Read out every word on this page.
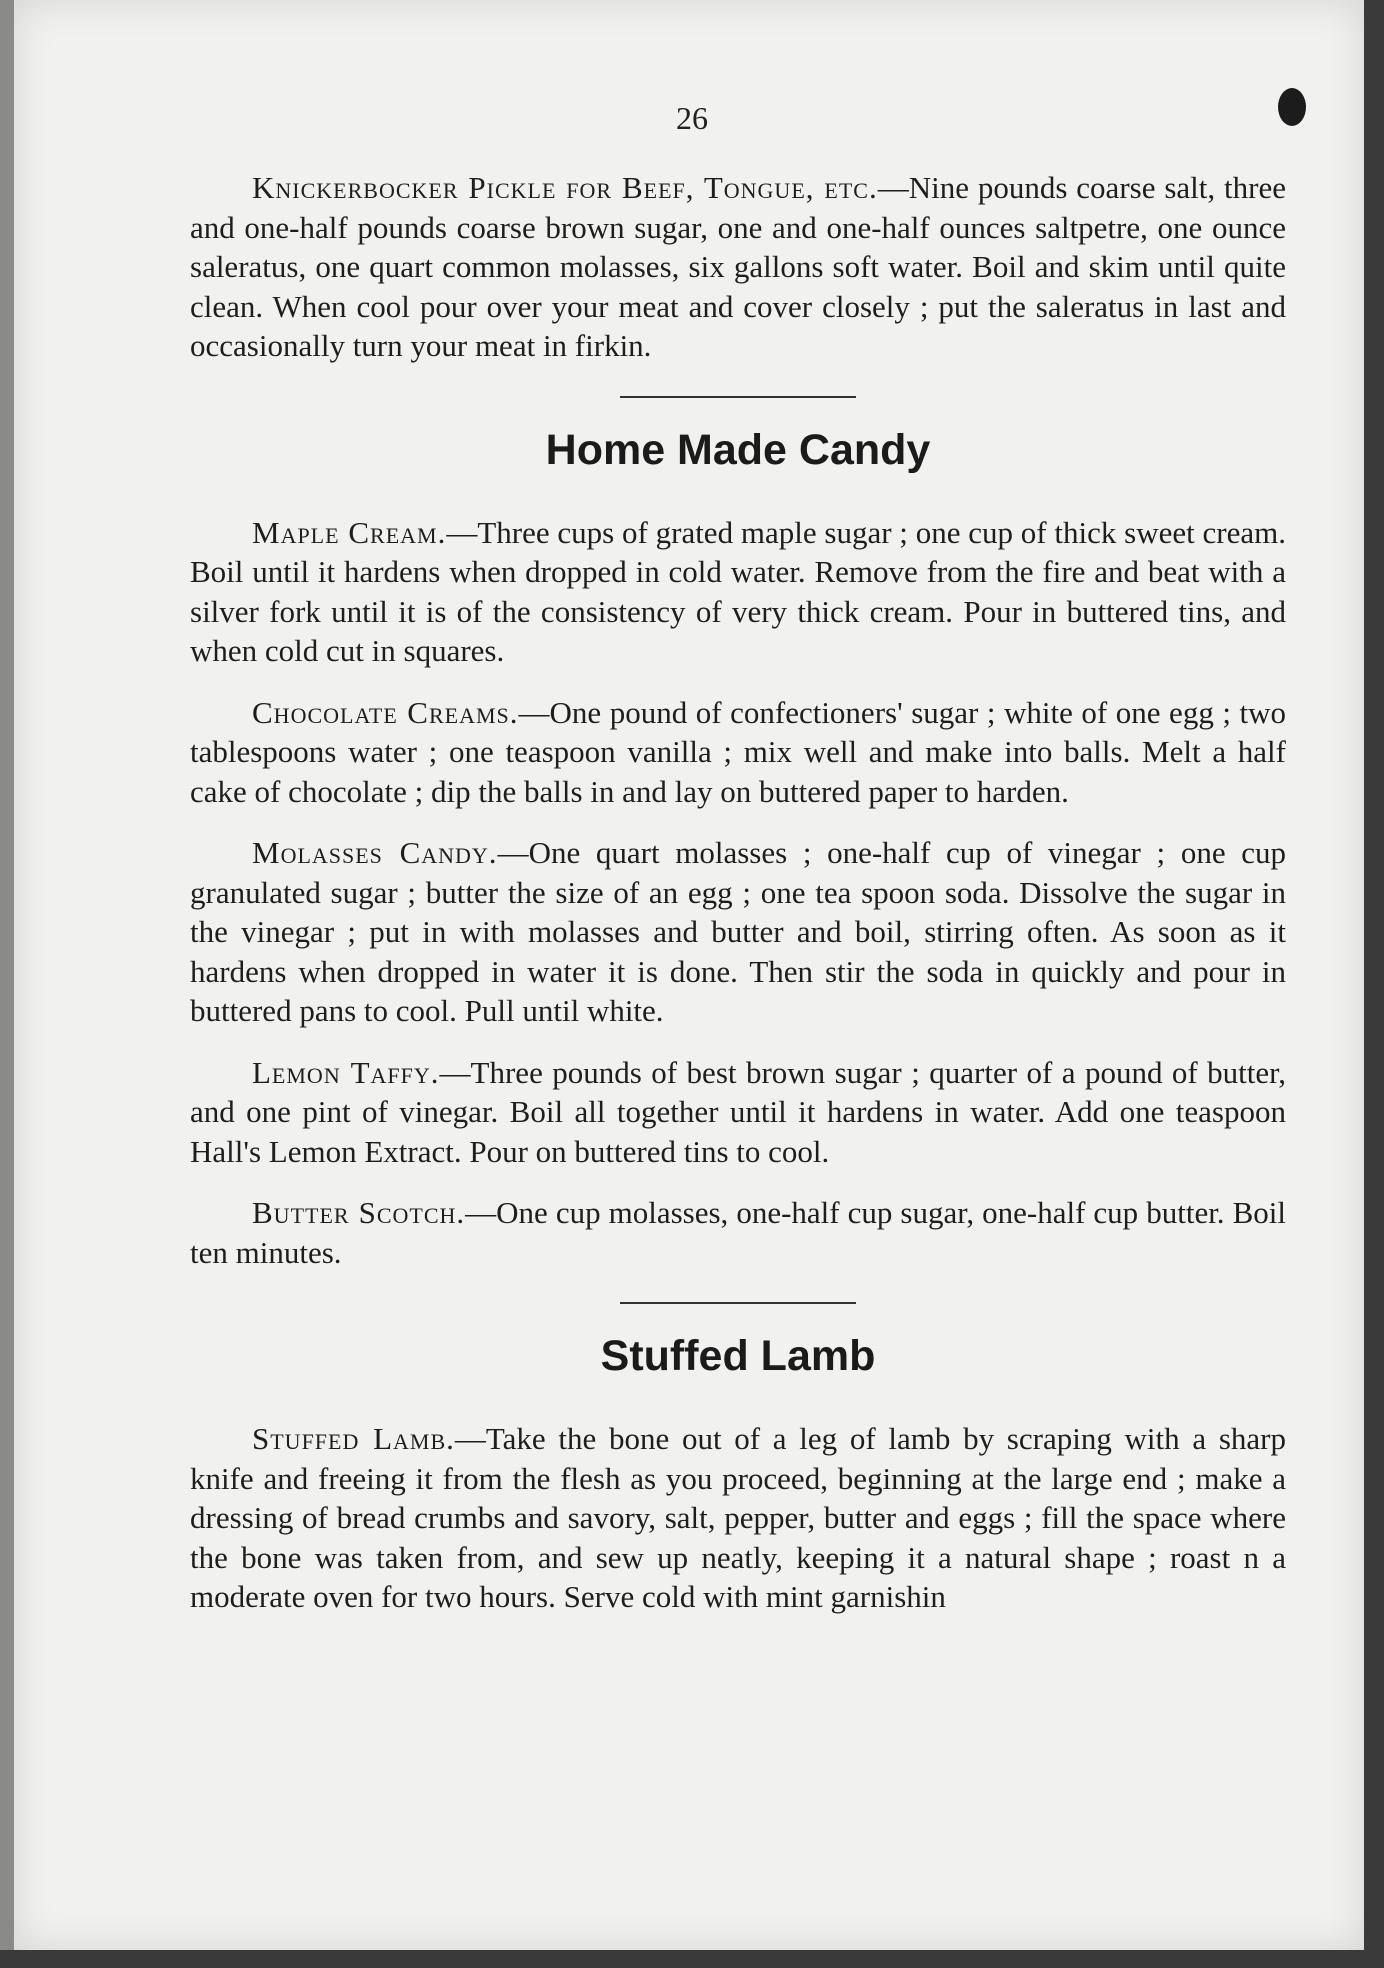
26

Knickerbocker Pickle for Beef, Tongue, etc.—Nine pounds coarse salt, three and one-half pounds coarse brown sugar, one and one-half ounces saltpetre, one ounce saleratus, one quart common molasses, six gallons soft water. Boil and skim until quite clean. When cool pour over your meat and cover closely ; put the saleratus in last and occasionally turn your meat in firkin.

Home Made Candy

Maple Cream.—Three cups of grated maple sugar ; one cup of thick sweet cream. Boil until it hardens when dropped in cold water. Remove from the fire and beat with a silver fork until it is of the consistency of very thick cream. Pour in buttered tins, and when cold cut in squares.

Chocolate Creams.—One pound of confectioners' sugar ; white of one egg ; two tablespoons water ; one teaspoon vanilla ; mix well and make into balls. Melt a half cake of chocolate ; dip the balls in and lay on buttered paper to harden.

Molasses Candy.—One quart molasses ; one-half cup of vinegar ; one cup granulated sugar ; butter the size of an egg ; one tea spoon soda. Dissolve the sugar in the vinegar ; put in with molasses and butter and boil, stirring often. As soon as it hardens when dropped in water it is done. Then stir the soda in quickly and pour in buttered pans to cool. Pull until white.

Lemon Taffy.—Three pounds of best brown sugar ; quarter of a pound of butter, and one pint of vinegar. Boil all together until it hardens in water. Add one teaspoon Hall's Lemon Extract. Pour on buttered tins to cool.

Butter Scotch.—One cup molasses, one-half cup sugar, one-half cup butter. Boil ten minutes.

Stuffed Lamb

Stuffed Lamb.—Take the bone out of a leg of lamb by scraping with a sharp knife and freeing it from the flesh as you proceed, beginning at the large end ; make a dressing of bread crumbs and savory, salt, pepper, butter and eggs ; fill the space where the bone was taken from, and sew up neatly, keeping it a natural shape ; roast n a moderate oven for two hours. Serve cold with mint garnishin
